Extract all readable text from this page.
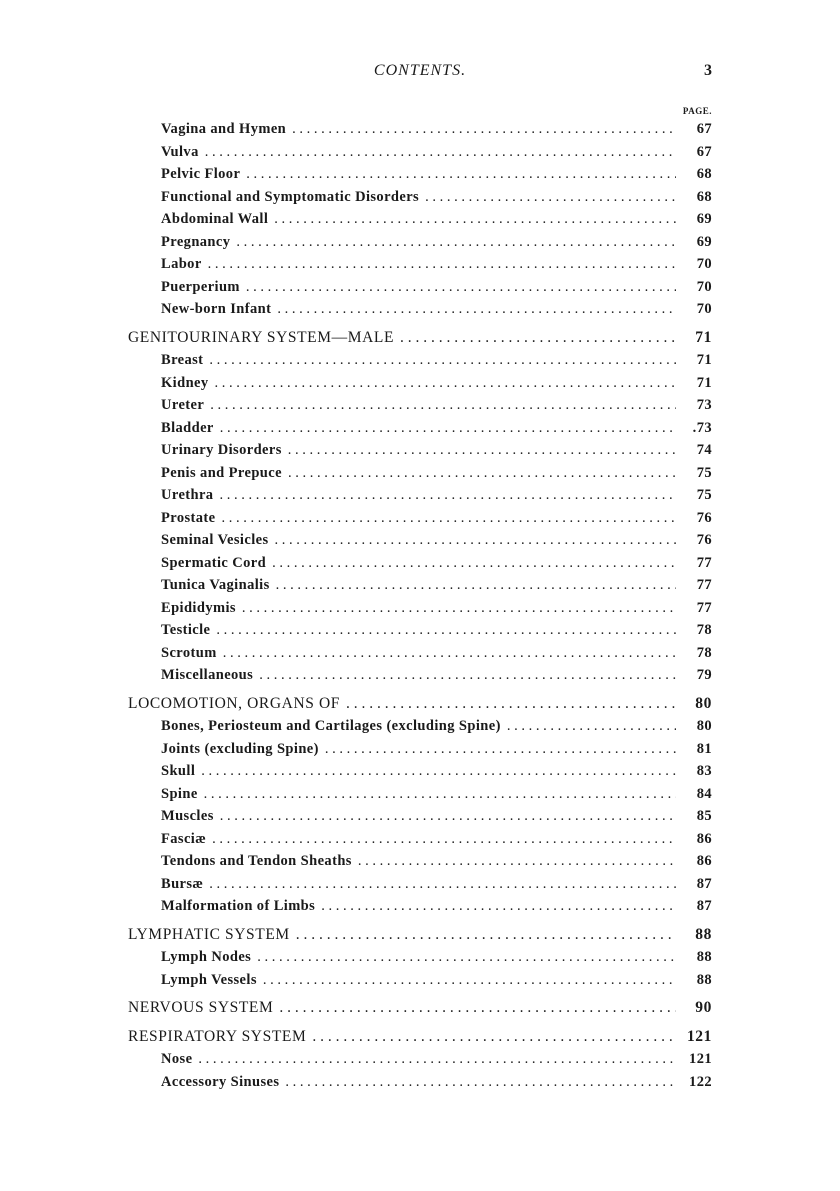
CONTENTS.	3
PAGE.
Vagina and Hymen . . .	67
Vulva . . .	67
Pelvic Floor . . .	68
Functional and Symptomatic Disorders . . .	68
Abdominal Wall . . .	69
Pregnancy . . .	69
Labor . . .	70
Puerperium . . .	70
New-born Infant . . .	70
GENITOURINARY SYSTEM—MALE . . .	71
Breast . . .	71
Kidney . . .	71
Ureter . . .	73
Bladder . . .	.73
Urinary Disorders . . .	74
Penis and Prepuce . . .	75
Urethra . . .	75
Prostate . . .	76
Seminal Vesicles . . .	76
Spermatic Cord . . .	77
Tunica Vaginalis . . .	77
Epididymis . . .	77
Testicle . . .	78
Scrotum . . .	78
Miscellaneous . . .	79
LOCOMOTION, ORGANS OF . . .	80
Bones, Periosteum and Cartilages (excluding Spine) . . .	80
Joints (excluding Spine) . . .	81
Skull . . .	83
Spine . . .	84
Muscles . . .	85
Fasciæ . . .	86
Tendons and Tendon Sheaths . . .	86
Bursæ . . .	87
Malformation of Limbs . . .	87
LYMPHATIC SYSTEM . . .	88
Lymph Nodes . . .	88
Lymph Vessels . . .	88
NERVOUS SYSTEM . . .	90
RESPIRATORY SYSTEM . . .	121
Nose . . .	121
Accessory Sinuses . . .	122
